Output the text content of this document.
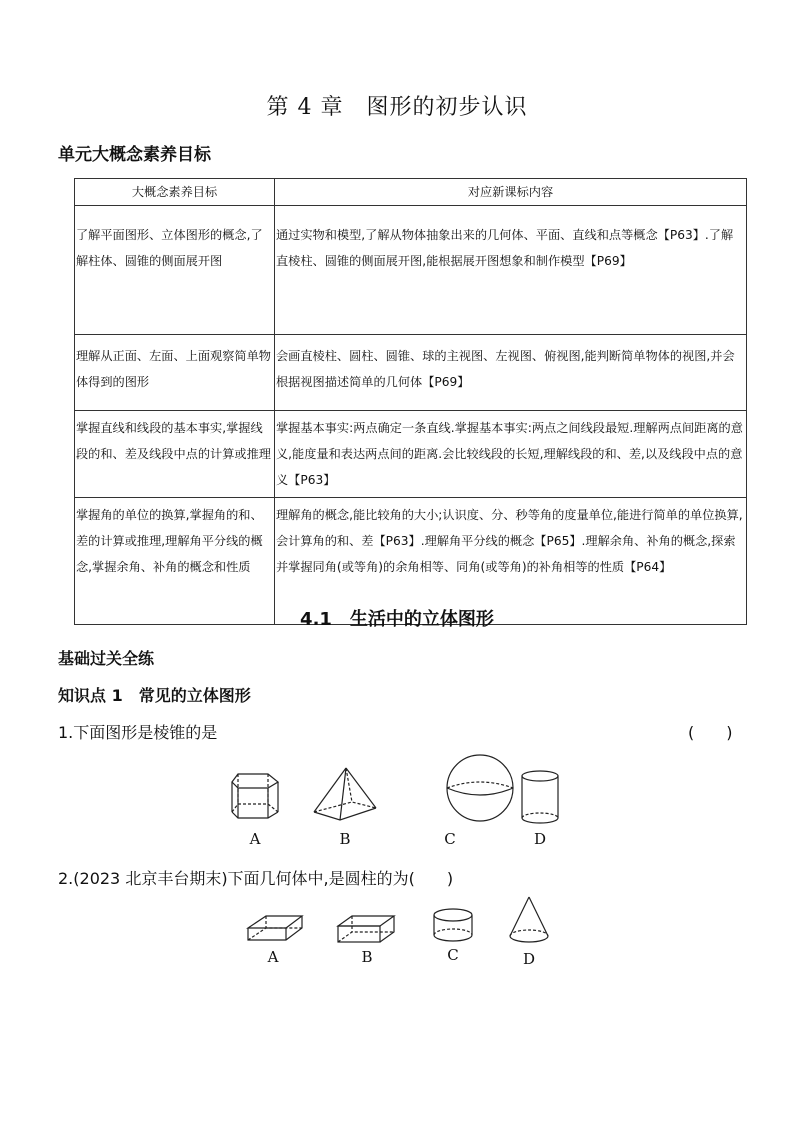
第 4 章　图形的初步认识
单元大概念素养目标
大概念素养目标	对应新课标内容
了解平面图形、立体图形的概念,了解柱体、圆锥的侧面展开图	通过实物和模型,了解从物体抽象出来的几何体、平面、直线和点等概念【P63】.了解直棱柱、圆锥的侧面展开图,能根据展开图想象和制作模型【P69】
理解从正面、左面、上面观察简单物体得到的图形	会画直棱柱、圆柱、圆锥、球的主视图、左视图、俯视图,能判断简单物体的视图,并会根据视图描述简单的几何体【P69】
掌握直线和线段的基本事实,掌握线段的和、差及线段中点的计算或推理	掌握基本事实:两点确定一条直线.掌握基本事实:两点之间线段最短.理解两点间距离的意义,能度量和表达两点间的距离.会比较线段的长短,理解线段的和、差,以及线段中点的意义【P63】
掌握角的单位的换算,掌握角的和、差的计算或推理,理解角平分线的概念,掌握余角、补角的概念和性质	理解角的概念,能比较角的大小;认识度、分、秒等角的度量单位,能进行简单的单位换算,会计算角的和、差【P63】.理解角平分线的概念【P65】.理解余角、补角的概念,探索并掌握同角(或等角)的余角相等、同角(或等角)的补角相等的性质【P64】
4.1　生活中的立体图形
基础过关全练
知识点 1　常见的立体图形
1.下面图形是棱锥的是	(　　)
A	B	C	D
2.(2023 北京丰台期末)下面几何体中,是圆柱的为(　　)
A	B	C	D
